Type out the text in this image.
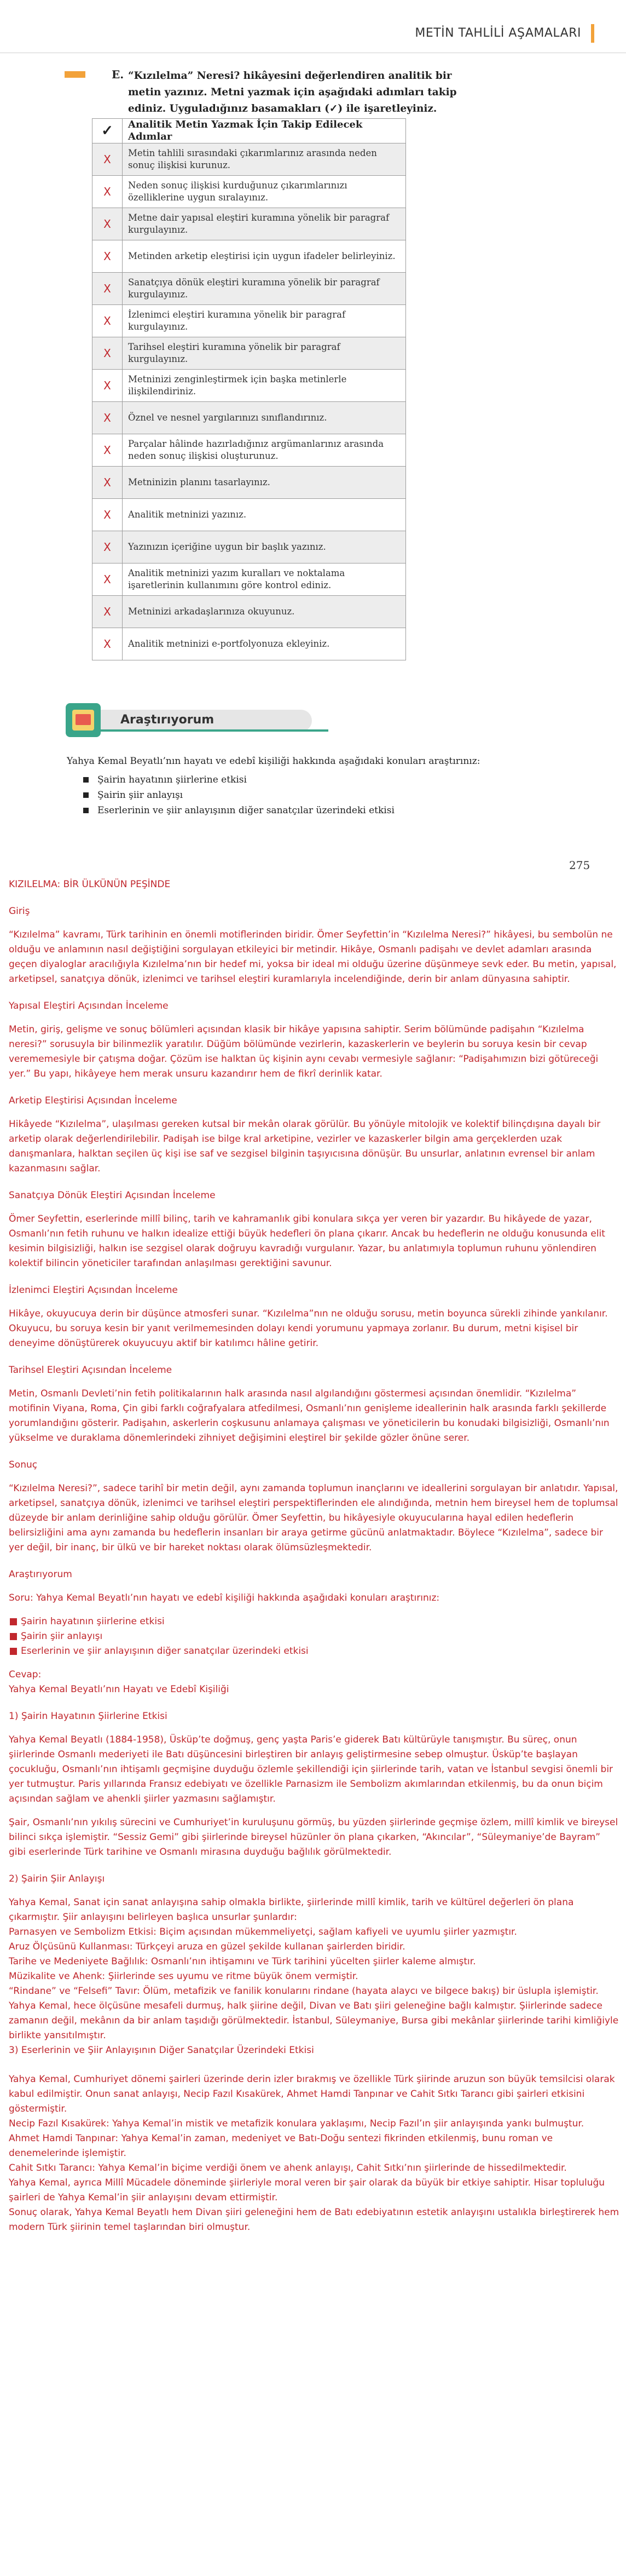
METİN TAHLİLİ AŞAMALARI
E. “Kızılelma” Neresi? hikâyesini değerlendiren analitik bir metin yazınız. Metni yazmak için aşağıdaki adımları takip ediniz. Uyguladığınız basamakları (✓) ile işaretleyiniz.
✓	Analitik Metin Yazmak İçin Takip Edilecek Adımlar
X	Metin tahlili sırasındaki çıkarımlarınız arasında neden sonuç ilişkisi kurunuz.
X	Neden sonuç ilişkisi kurduğunuz çıkarımlarınızı özelliklerine uygun sıralayınız.
X	Metne dair yapısal eleştiri kuramına yönelik bir paragraf kurgulayınız.
X	Metinden arketip eleştirisi için uygun ifadeler belirleyiniz.
X	Sanatçıya dönük eleştiri kuramına yönelik bir paragraf kurgulayınız.
X	İzlenimci eleştiri kuramına yönelik bir paragraf kurgulayınız.
X	Tarihsel eleştiri kuramına yönelik bir paragraf kurgulayınız.
X	Metninizi zenginleştirmek için başka metinlerle ilişkilendiriniz.
X	Öznel ve nesnel yargılarınızı sınıflandırınız.
X	Parçalar hâlinde hazırladığınız argümanlarınız arasında neden sonuç ilişkisi oluşturunuz.
X	Metninizin planını tasarlayınız.
X	Analitik metninizi yazınız.
X	Yazınızın içeriğine uygun bir başlık yazınız.
X	Analitik metninizi yazım kuralları ve noktalama işaretlerinin kullanımını göre kontrol ediniz.
X	Metninizi arkadaşlarınıza okuyunuz.
X	Analitik metninizi e-portfolyonuza ekleyiniz.
Araştırıyorum
Yahya Kemal Beyatlı’nın hayatı ve edebî kişiliği hakkında aşağıdaki konuları araştırınız:
Şairin hayatının şiirlerine etkisi
Şairin şiir anlayışı
Eserlerinin ve şiir anlayışının diğer sanatçılar üzerindeki etkisi
275
KIZILELMA: BİR ÜLKÜNÜN PEŞİNDE
Giriş

“Kızılelma” kavramı, Türk tarihinin en önemli motiflerinden biridir. Ömer Seyfettin’in “Kızılelma Neresi?” hikâyesi, bu sembolün ne olduğu ve anlamının nasıl değiştiğini sorgulayan etkileyici bir metindir. Hikâye, Osmanlı padişahı ve devlet adamları arasında geçen diyaloglar aracılığıyla Kızılelma’nın bir hedef mi, yoksa bir ideal mi olduğu üzerine düşünmeye sevk eder. Bu metin, yapısal, arketipsel, sanatçıya dönük, izlenimci ve tarihsel eleştiri kuramlarıyla incelendiğinde, derin bir anlam dünyasına sahiptir.

Yapısal Eleştiri Açısından İnceleme

Metin, giriş, gelişme ve sonuç bölümleri açısından klasik bir hikâye yapısına sahiptir. Serim bölümünde padişahın “Kızılelma neresi?” sorusuyla bir bilinmezlik yaratılır. Düğüm bölümünde vezirlerin, kazaskerlerin ve beylerin bu soruya kesin bir cevap verememesiyle bir çatışma doğar. Çözüm ise halktan üç kişinin aynı cevabı vermesiyle sağlanır: “Padişahımızın bizi götüreceği yer.” Bu yapı, hikâyeye hem merak unsuru kazandırır hem de fikrî derinlik katar.

Arketip Eleştirisi Açısından İnceleme

Hikâyede “Kızılelma”, ulaşılması gereken kutsal bir mekân olarak görülür. Bu yönüyle mitolojik ve kolektif bilinçdışına dayalı bir arketip olarak değerlendirilebilir. Padişah ise bilge kral arketipine, vezirler ve kazaskerler bilgin ama gerçeklerden uzak danışmanlara, halktan seçilen üç kişi ise saf ve sezgisel bilginin taşıyıcısına dönüşür. Bu unsurlar, anlatının evrensel bir anlam kazanmasını sağlar.

Sanatçıya Dönük Eleştiri Açısından İnceleme

Ömer Seyfettin, eserlerinde millî bilinç, tarih ve kahramanlık gibi konulara sıkça yer veren bir yazardır. Bu hikâyede de yazar, Osmanlı’nın fetih ruhunu ve halkın idealize ettiği büyük hedefleri ön plana çıkarır. Ancak bu hedeflerin ne olduğu konusunda elit kesimin bilgisizliği, halkın ise sezgisel olarak doğruyu kavradığı vurgulanır. Yazar, bu anlatımıyla toplumun ruhunu yönlendiren kolektif bilincin yöneticiler tarafından anlaşılması gerektiğini savunur.

İzlenimci Eleştiri Açısından İnceleme

Hikâye, okuyucuya derin bir düşünce atmosferi sunar. “Kızılelma”nın ne olduğu sorusu, metin boyunca sürekli zihinde yankılanır. Okuyucu, bu soruya kesin bir yanıt verilmemesinden dolayı kendi yorumunu yapmaya zorlanır. Bu durum, metni kişisel bir deneyime dönüştürerek okuyucuyu aktif bir katılımcı hâline getirir.

Tarihsel Eleştiri Açısından İnceleme

Metin, Osmanlı Devleti’nin fetih politikalarının halk arasında nasıl algılandığını göstermesi açısından önemlidir. “Kızılelma” motifinin Viyana, Roma, Çin gibi farklı coğrafyalara atfedilmesi, Osmanlı’nın genişleme ideallerinin halk arasında farklı şekillerde yorumlandığını gösterir. Padişahın, askerlerin coşkusunu anlamaya çalışması ve yöneticilerin bu konudaki bilgisizliği, Osmanlı’nın yükselme ve duraklama dönemlerindeki zihniyet değişimini eleştirel bir şekilde gözler önüne serer.

Sonuç

“Kızılelma Neresi?”, sadece tarihî bir metin değil, aynı zamanda toplumun inançlarını ve ideallerini sorgulayan bir anlatıdır. Yapısal, arketipsel, sanatçıya dönük, izlenimci ve tarihsel eleştiri perspektiflerinden ele alındığında, metnin hem bireysel hem de toplumsal düzeyde bir anlam derinliğine sahip olduğu görülür. Ömer Seyfettin, bu hikâyesiyle okuyucularına hayal edilen hedeflerin belirsizliğini ama aynı zamanda bu hedeflerin insanları bir araya getirme gücünü anlatmaktadır. Böylece “Kızılelma”, sadece bir yer değil, bir inanç, bir ülkü ve bir hareket noktası olarak ölümsüzleşmektedir.

Araştırıyorum

Soru: Yahya Kemal Beyatlı’nın hayatı ve edebî kişiliği hakkında aşağıdaki konuları araştırınız:

Şairin hayatının şiirlerine etkisi
Şairin şiir anlayışı
Eserlerinin ve şiir anlayışının diğer sanatçılar üzerindeki etkisi

Cevap:

Yahya Kemal Beyatlı’nın Hayatı ve Edebî Kişiliği

1) Şairin Hayatının Şiirlerine Etkisi

Yahya Kemal Beyatlı (1884-1958), Üsküp’te doğmuş, genç yaşta Paris’e giderek Batı kültürüyle tanışmıştır. Bu süreç, onun şiirlerinde Osmanlı mederiyeti ile Batı düşüncesini birleştiren bir anlayış geliştirmesine sebep olmuştur. Üsküp’te başlayan çocukluğu, Osmanlı’nın ihtişamlı geçmişine duyduğu özlemle şekillendiği için şiirlerinde tarih, vatan ve İstanbul sevgisi önemli bir yer tutmuştur. Paris yıllarında Fransız edebiyatı ve özellikle Parnasizm ile Sembolizm akımlarından etkilenmiş, bu da onun biçim açısından sağlam ve ahenkli şiirler yazmasını sağlamıştır.

Şair, Osmanlı’nın yıkılış sürecini ve Cumhuriyet’in kuruluşunu görmüş, bu yüzden şiirlerinde geçmişe özlem, millî kimlik ve bireysel bilinci sıkça işlemiştir. “Sessiz Gemi” gibi şiirlerinde bireysel hüzünler ön plana çıkarken, “Akıncılar”, “Süleymaniye’de Bayram” gibi eserlerinde Türk tarihine ve Osmanlı mirasına duyduğu bağlılık görülmektedir.

2) Şairin Şiir Anlayışı

Yahya Kemal, Sanat için sanat anlayışına sahip olmakla birlikte, şiirlerinde millî kimlik, tarih ve kültürel değerleri ön plana çıkarmıştır. Şiir anlayışını belirleyen başlıca unsurlar şunlardır:

Parnasyen ve Sembolizm Etkisi: Biçim açısından mükemmeliyetçi, sağlam kafiyeli ve uyumlu şiirler yazmıştır.

Aruz Ölçüsünü Kullanması: Türkçeyi aruza en güzel şekilde kullanan şairlerden biridir.

Tarihe ve Medeniyete Bağlılık: Osmanlı’nın ihtişamını ve Türk tarihini yücelten şiirler kaleme almıştır.

Müzikalite ve Ahenk: Şiirlerinde ses uyumu ve ritme büyük önem vermiştir.

“Rindane” ve “Felsefi” Tavır: Ölüm, metafizik ve fanilik konularını rindane (hayata alaycı ve bilgece bakış) bir üslupla işlemiştir.

Yahya Kemal, hece ölçüsüne mesafeli durmuş, halk şiirine değil, Divan ve Batı şiiri geleneğine bağlı kalmıştır. Şiirlerinde sadece zamanın değil, mekânın da bir anlam taşıdığı görülmektedir. İstanbul, Süleymaniye, Bursa gibi mekânlar şiirlerinde tarihi kimliğiyle birlikte yansıtılmıştır.

3) Eserlerinin ve Şiir Anlayışının Diğer Sanatçılar Üzerindeki Etkisi

Yahya Kemal, Cumhuriyet dönemi şairleri üzerinde derin izler bırakmış ve özellikle Türk şiirinde aruzun son büyük temsilcisi olarak kabul edilmiştir. Onun sanat anlayışı, Necip Fazıl Kısakürek, Ahmet Hamdi Tanpınar ve Cahit Sıtkı Tarancı gibi şairleri etkisini göstermiştir.

Necip Fazıl Kısakürek: Yahya Kemal’in mistik ve metafizik konulara yaklaşımı, Necip Fazıl’ın şiir anlayışında yankı bulmuştur.

Ahmet Hamdi Tanpınar: Yahya Kemal’in zaman, medeniyet ve Batı-Doğu sentezi fikrinden etkilenmiş, bunu roman ve denemelerinde işlemiştir.

Cahit Sıtkı Tarancı: Yahya Kemal’in biçime verdiği önem ve ahenk anlayışı, Cahit Sıtkı’nın şiirlerinde de hissedilmektedir.

Yahya Kemal, ayrıca Millî Mücadele döneminde şiirleriyle moral veren bir şair olarak da büyük bir etkiye sahiptir. Hisar topluluğu şairleri de Yahya Kemal’in şiir anlayışını devam ettirmiştir.

Sonuç olarak, Yahya Kemal Beyatlı hem Divan şiiri geleneğini hem de Batı edebiyatının estetik anlayışını ustalıkla birleştirerek hem modern Türk şiirinin temel taşlarından biri olmuştur.
